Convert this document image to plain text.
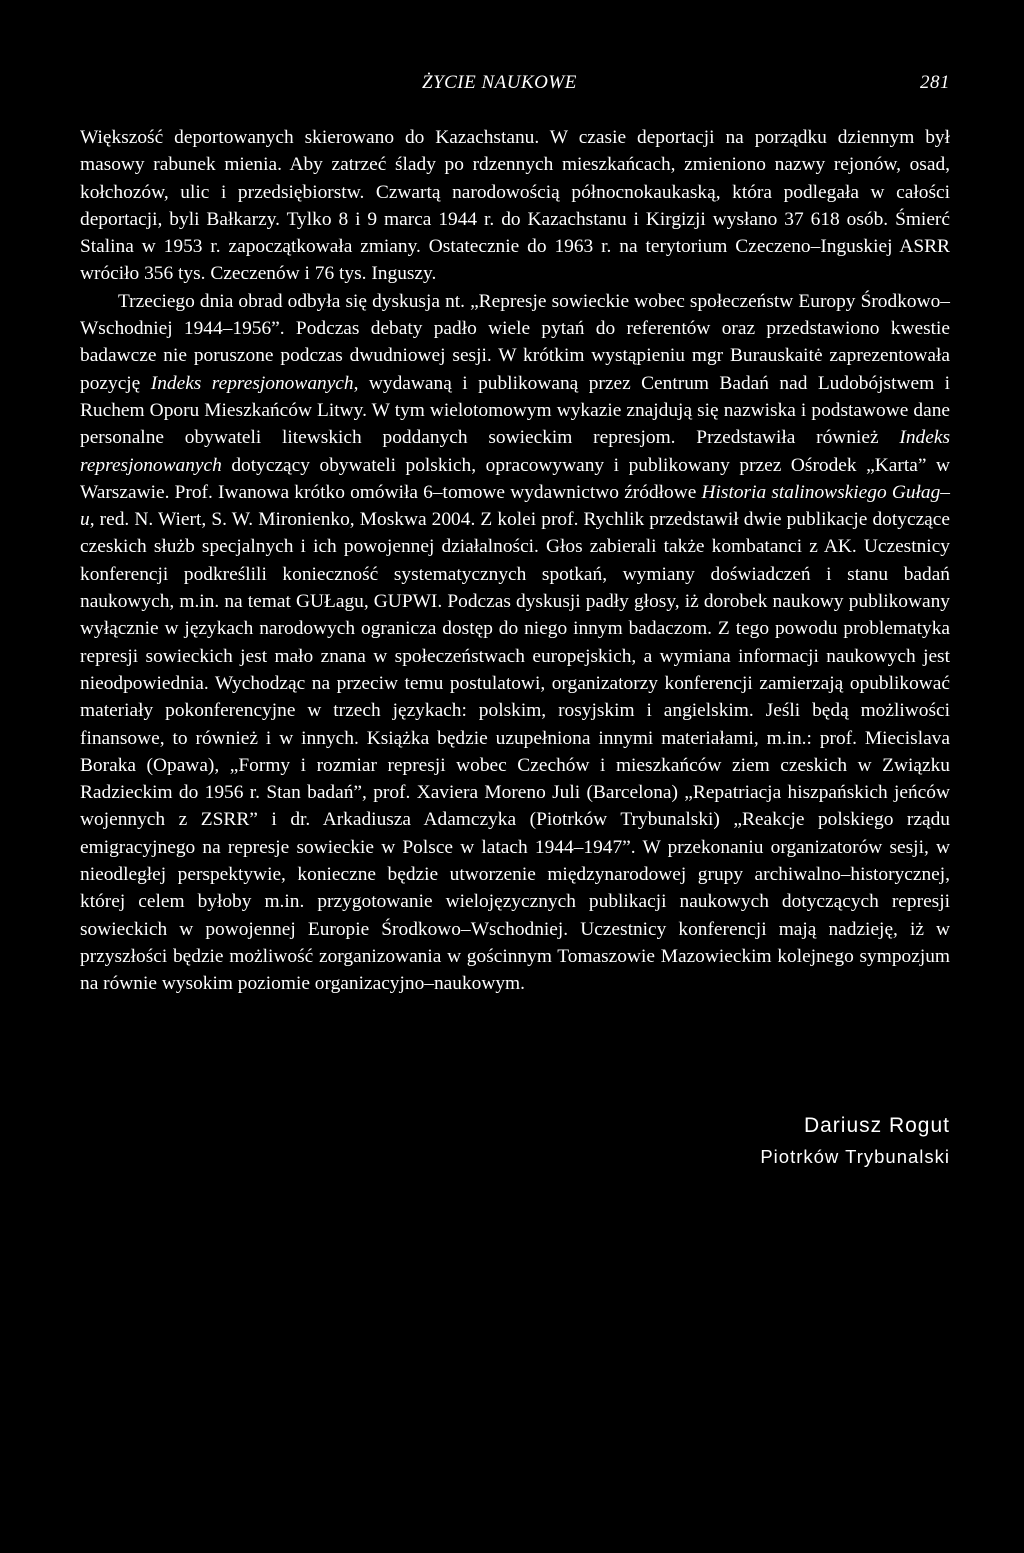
ŻYCIE NAUKOWE	281

Większość deportowanych skierowano do Kazachstanu. W czasie deportacji na porządku dziennym był masowy rabunek mienia. Aby zatrzeć ślady po rdzennych mieszkańcach, zmieniono nazwy rejonów, osad, kołchozów, ulic i przedsiębiorstw. Czwartą narodowością północnokaukaską, która podlegała w całości deportacji, byli Bałkarzy. Tylko 8 i 9 marca 1944 r. do Kazachstanu i Kirgizji wysłano 37 618 osób. Śmierć Stalina w 1953 r. zapoczątkowała zmiany. Ostatecznie do 1963 r. na terytorium Czeczeno–Inguskiej ASRR wróciło 356 tys. Czeczenów i 76 tys. Inguszy.

Trzeciego dnia obrad odbyła się dyskusja nt. „Represje sowieckie wobec społeczeństw Europy Środkowo–Wschodniej 1944–1956”. Podczas debaty padło wiele pytań do referentów oraz przedstawiono kwestie badawcze nie poruszone podczas dwudniowej sesji. W krótkim wystąpieniu mgr Burauskaitė zaprezentowała pozycję Indeks represjonowanych, wydawaną i publikowaną przez Centrum Badań nad Ludobójstwem i Ruchem Oporu Mieszkańców Litwy. W tym wielotomowym wykazie znajdują się nazwiska i podstawowe dane personalne obywateli litewskich poddanych sowieckim represjom. Przedstawiła również Indeks represjonowanych dotyczący obywateli polskich, opracowywany i publikowany przez Ośrodek „Karta” w Warszawie. Prof. Iwanowa krótko omówiła 6–tomowe wydawnictwo źródłowe Historia stalinowskiego Gułag–u, red. N. Wiert, S. W. Mironienko, Moskwa 2004. Z kolei prof. Rychlik przedstawił dwie publikacje dotyczące czeskich służb specjalnych i ich powojennej działalności. Głos zabierali także kombatanci z AK. Uczestnicy konferencji podkreślili konieczność systematycznych spotkań, wymiany doświadczeń i stanu badań naukowych, m.in. na temat GUŁagu, GUPWI. Podczas dyskusji padły głosy, iż dorobek naukowy publikowany wyłącznie w językach narodowych ogranicza dostęp do niego innym badaczom. Z tego powodu problematyka represji sowieckich jest mało znana w społeczeństwach europejskich, a wymiana informacji naukowych jest nieodpowiednia. Wychodząc na przeciw temu postulatowi, organizatorzy konferencji zamierzają opublikować materiały pokonferencyjne w trzech językach: polskim, rosyjskim i angielskim. Jeśli będą możliwości finansowe, to również i w innych. Książka będzie uzupełniona innymi materiałami, m.in.: prof. Miecislava Boraka (Opawa), „Formy i rozmiar represji wobec Czechów i mieszkańców ziem czeskich w Związku Radzieckim do 1956 r. Stan badań”, prof. Xaviera Moreno Juli (Barcelona) „Repatriacja hiszpańskich jeńców wojennych z ZSRR” i dr. Arkadiusza Adamczyka (Piotrków Trybunalski) „Reakcje polskiego rządu emigracyjnego na represje sowieckie w Polsce w latach 1944–1947”. W przekonaniu organizatorów sesji, w nieodległej perspektywie, konieczne będzie utworzenie międzynarodowej grupy archiwalno–historycznej, której celem byłoby m.in. przygotowanie wielojęzycznych publikacji naukowych dotyczących represji sowieckich w powojennej Europie Środkowo–Wschodniej. Uczestnicy konferencji mają nadzieję, iż w przyszłości będzie możliwość zorganizowania w gościnnym Tomaszowie Mazowieckim kolejnego sympozjum na równie wysokim poziomie organizacyjno–naukowym.

Dariusz Rogut
Piotrków Trybunalski
